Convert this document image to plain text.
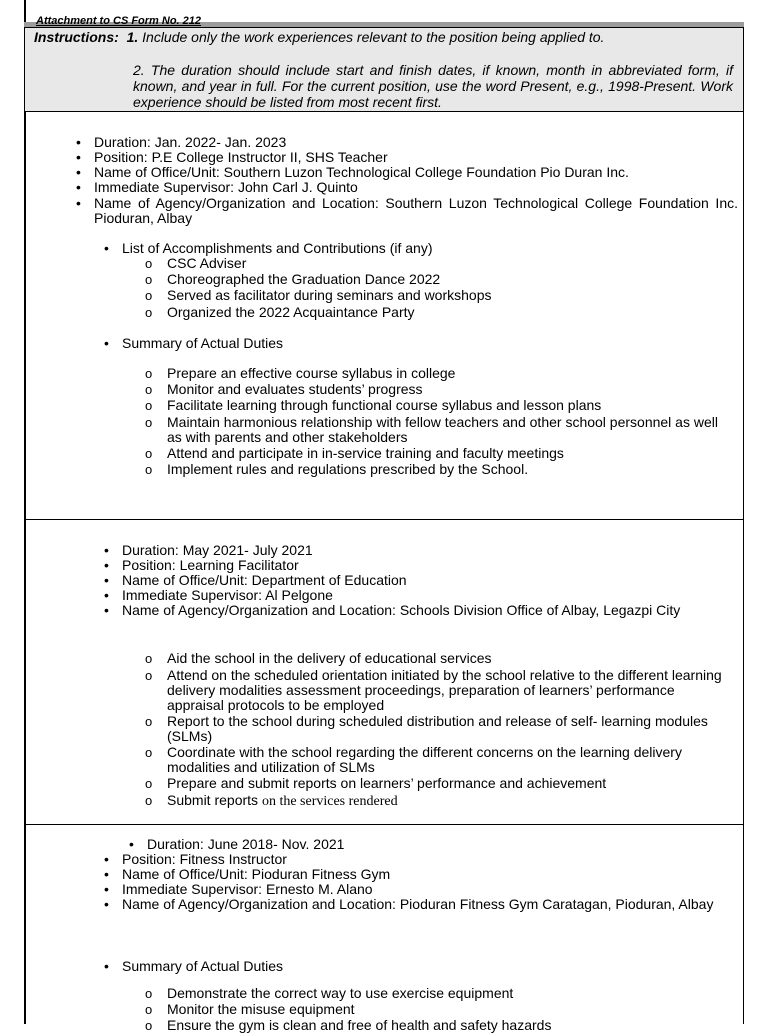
Attachment to CS Form No. 212
Instructions: 1. Include only the work experiences relevant to the position being applied to.
2. The duration should include start and finish dates, if known, month in abbreviated form, if known, and year in full. For the current position, use the word Present, e.g., 1998-Present. Work experience should be listed from most recent first.
• Duration: Jan. 2022- Jan. 2023
• Position: P.E College Instructor II, SHS Teacher
• Name of Office/Unit: Southern Luzon Technological College Foundation Pio Duran Inc.
• Immediate Supervisor: John Carl J. Quinto
• Name of Agency/Organization and Location: Southern Luzon Technological College Foundation Inc. Pioduran, Albay
• List of Accomplishments and Contributions (if any)
o CSC Adviser
o Choreographed the Graduation Dance 2022
o Served as facilitator during seminars and workshops
o Organized the 2022 Acquaintance Party
• Summary of Actual Duties
o Prepare an effective course syllabus in college
o Monitor and evaluates students’ progress
o Facilitate learning through functional course syllabus and lesson plans
o Maintain harmonious relationship with fellow teachers and other school personnel as well as with parents and other stakeholders
o Attend and participate in in-service training and faculty meetings
o Implement rules and regulations prescribed by the School.
• Duration: May 2021- July 2021
• Position: Learning Facilitator
• Name of Office/Unit: Department of Education
• Immediate Supervisor: Al Pelgone
• Name of Agency/Organization and Location: Schools Division Office of Albay, Legazpi City
o Aid the school in the delivery of educational services
o Attend on the scheduled orientation initiated by the school relative to the different learning delivery modalities assessment proceedings, preparation of learners’ performance appraisal protocols to be employed
o Report to the school during scheduled distribution and release of self- learning modules (SLMs)
o Coordinate with the school regarding the different concerns on the learning delivery modalities and utilization of SLMs
o Prepare and submit reports on learners’ performance and achievement
o Submit reports on the services rendered
• Duration: June 2018- Nov. 2021
• Position: Fitness Instructor
• Name of Office/Unit: Pioduran Fitness Gym
• Immediate Supervisor: Ernesto M. Alano
• Name of Agency/Organization and Location: Pioduran Fitness Gym Caratagan, Pioduran, Albay
• Summary of Actual Duties
o Demonstrate the correct way to use exercise equipment
o Monitor the misuse equipment
o Ensure the gym is clean and free of health and safety hazards
